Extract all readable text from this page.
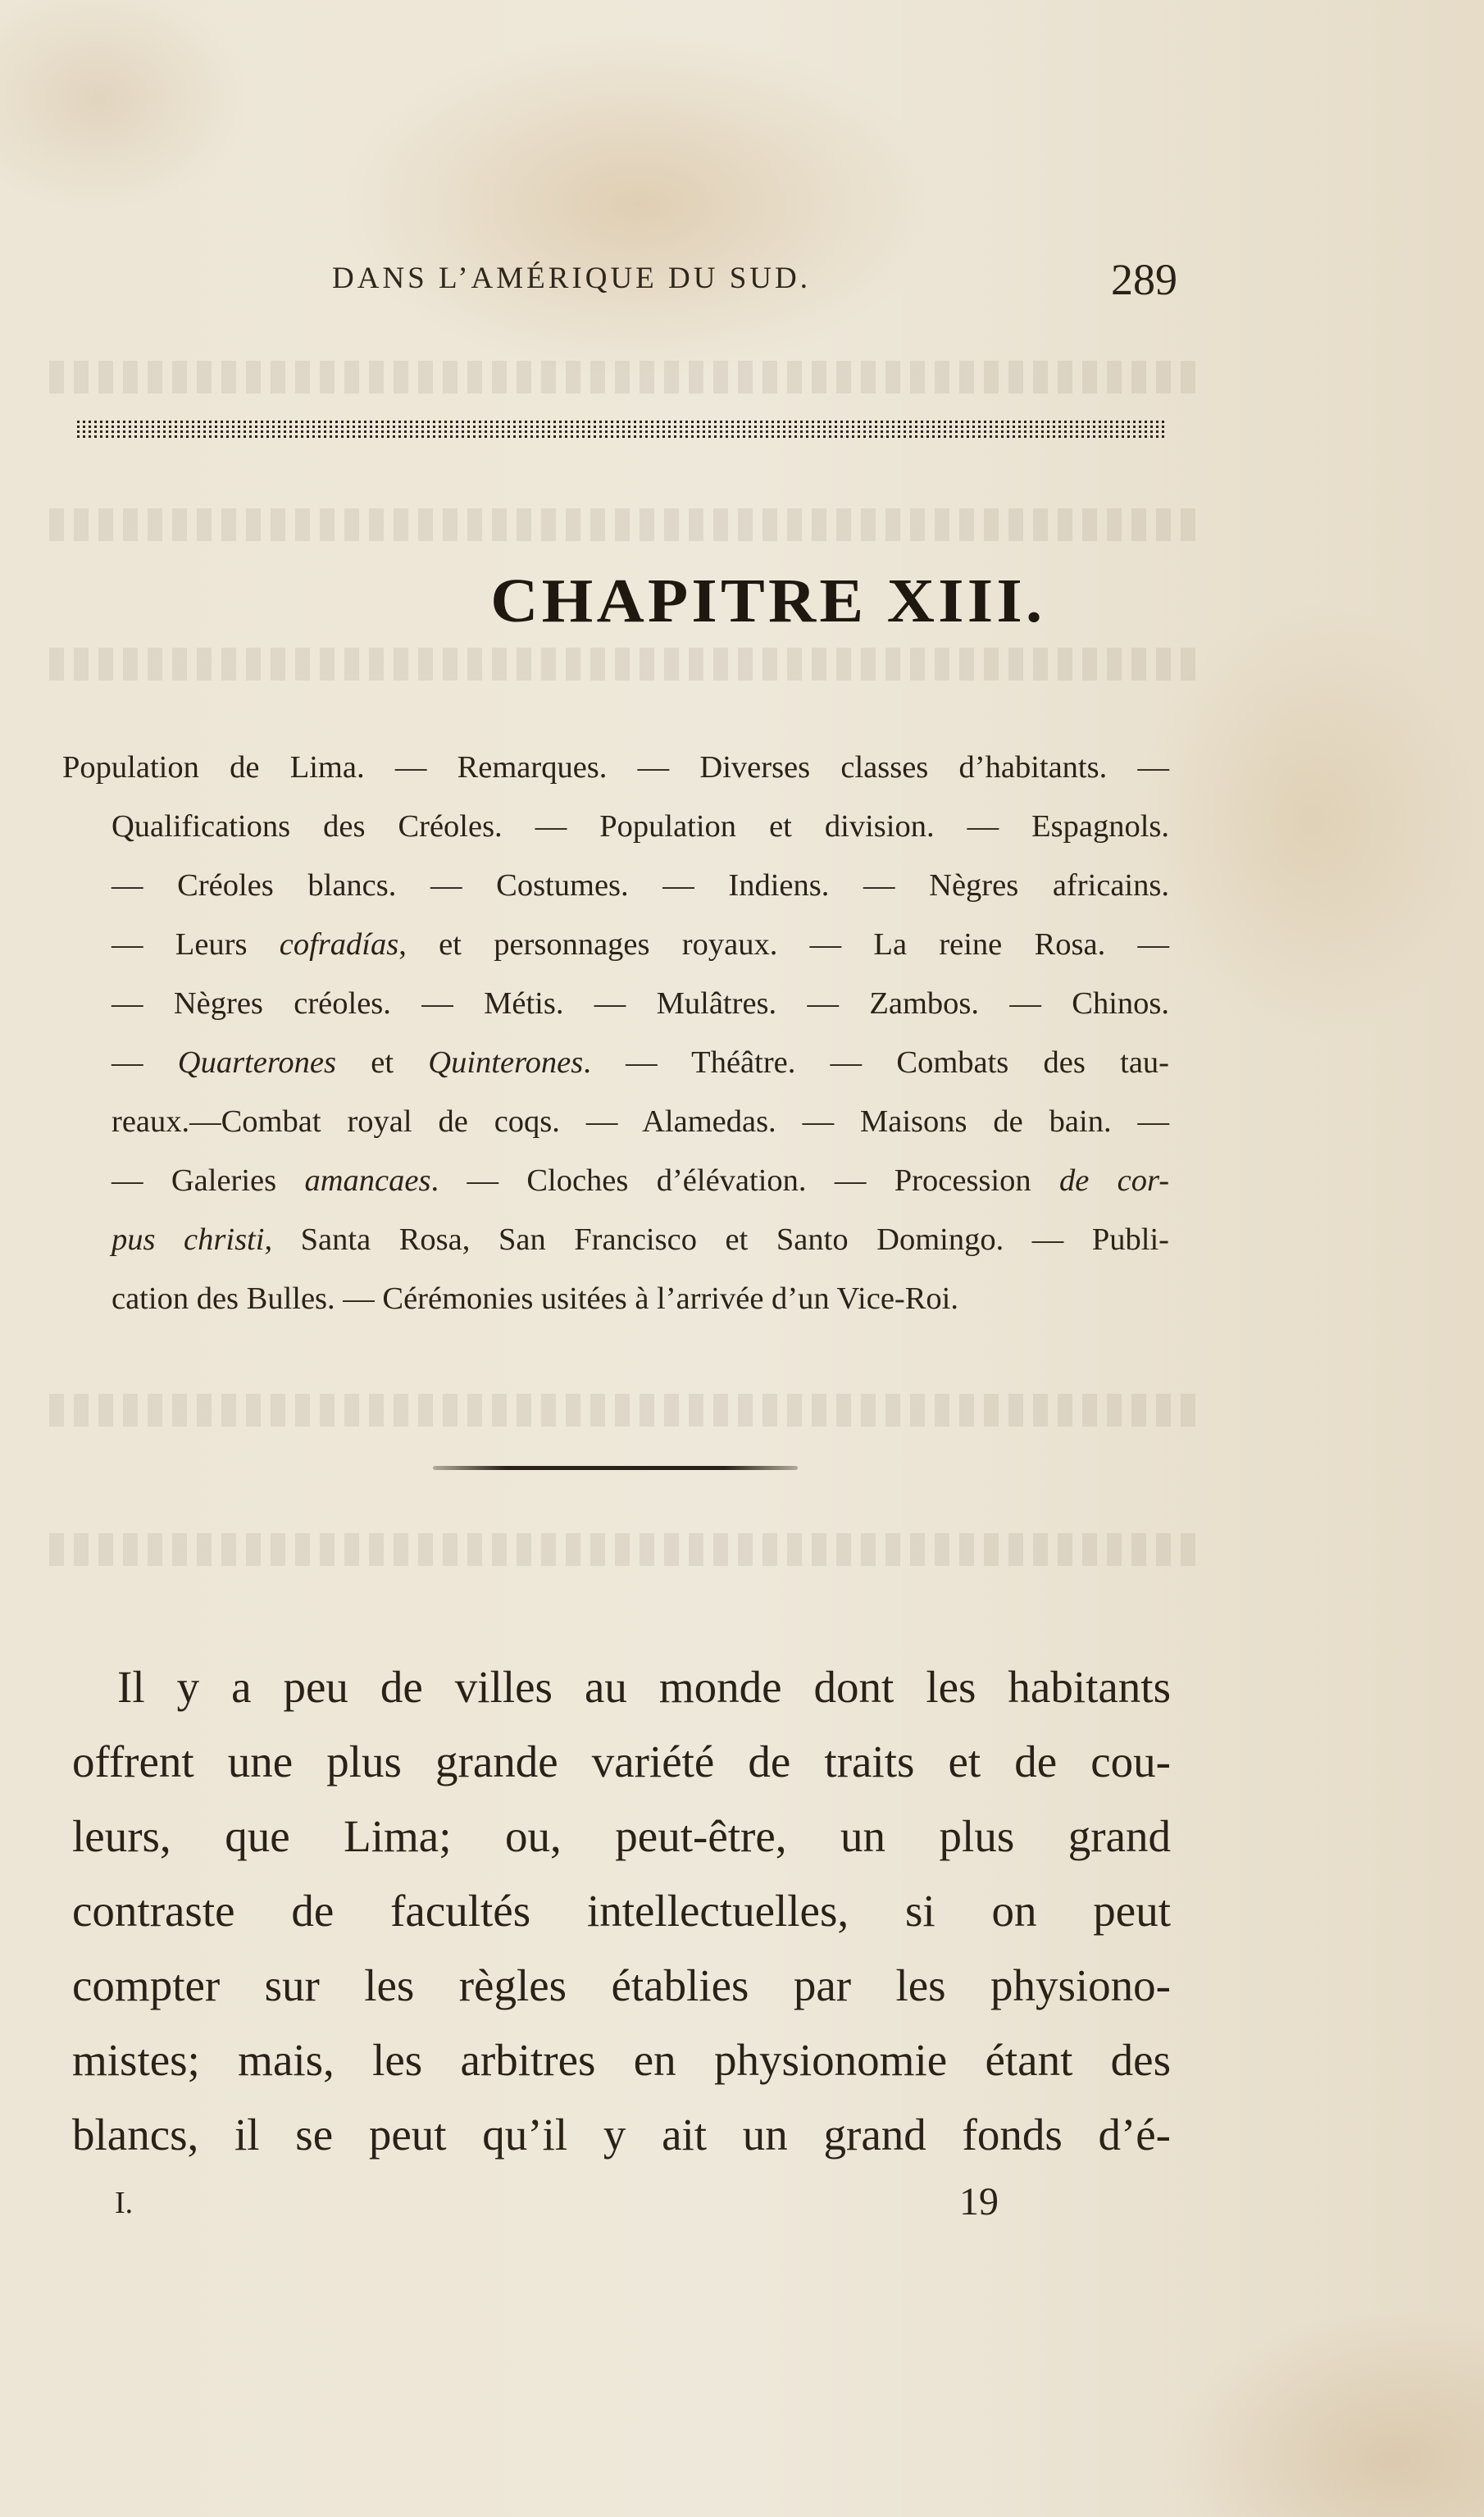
DANS L’AMÉRIQUE DU SUD.	289
CHAPITRE XIII.
Population de Lima. — Remarques. — Diverses classes d’habitants. —
Qualifications des Créoles. — Population et division. — Espagnols.
— Créoles blancs. — Costumes. — Indiens. — Nègres africains.
— Leurs cofradías, et personnages royaux. — La reine Rosa. —
— Nègres créoles. — Métis. — Mulâtres. — Zambos. — Chinos.
— Quarterones et Quinterones. — Théâtre. — Combats des tau-
reaux.—Combat royal de coqs. — Alamedas. — Maisons de bain. —
— Galeries amancaes. — Cloches d’élévation. — Procession de cor-
pus christi, Santa Rosa, San Francisco et Santo Domingo. — Publi-
cation des Bulles. — Cérémonies usitées à l’arrivée d’un Vice-Roi.
Il y a peu de villes au monde dont les habitants
offrent une plus grande variété de traits et de cou-
leurs, que Lima; ou, peut-être, un plus grand
contraste de facultés intellectuelles, si on peut
compter sur les règles établies par les physiono-
mistes; mais, les arbitres en physionomie étant des
blancs, il se peut qu’il y ait un grand fonds d’é-
I.	19
